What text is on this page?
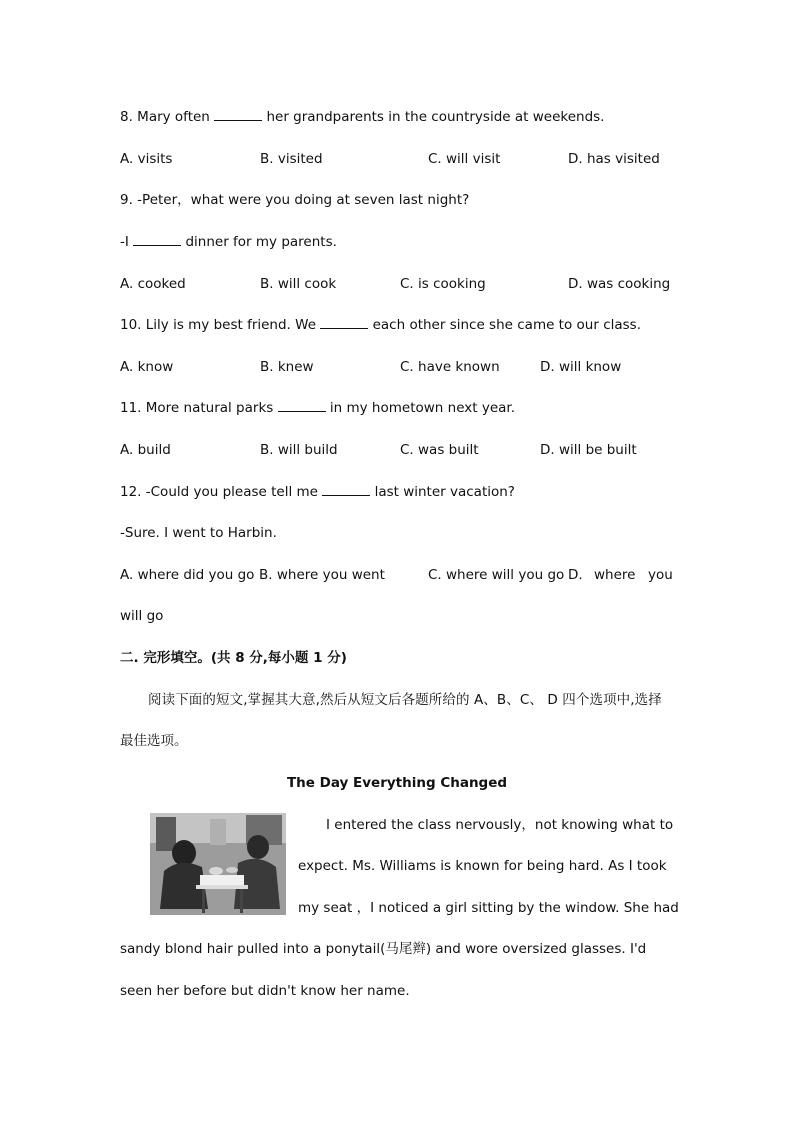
8. Mary often	her grandparents in the countryside at weekends.
A. visits	B. visited	C. will visit	D. has visited
9. -Peter，what were you doing at seven last night?
-I	dinner for my parents.
A. cooked	B. will cook	C. is cooking	D. was cooking
10. Lily is my best friend. We	each other since she came to our class.
A. know	B. knew	C. have known	D. will know
11. More natural parks	in my hometown next year.
A. build	B. will build	C. was built	D. will be built
12. -Could you please tell me	last winter vacation?
-Sure. I went to Harbin.
A. where did you go B. where you went	C. where will you go D. where you
will go
二. 完形填空。(共 8 分,每小题 1 分)
阅读下面的短文,掌握其大意,然后从短文后各题所给的 A、B、C、 D 四个选项中,选择
最佳选项。
The Day Everything Changed
I entered the class nervously，not knowing what to
expect. Ms. Williams is known for being hard. As I took
my seat ，I noticed a girl sitting by the window. She had
sandy blond hair pulled into a ponytail(马尾辫) and wore oversized glasses. I'd
seen her before but didn't know her name.
